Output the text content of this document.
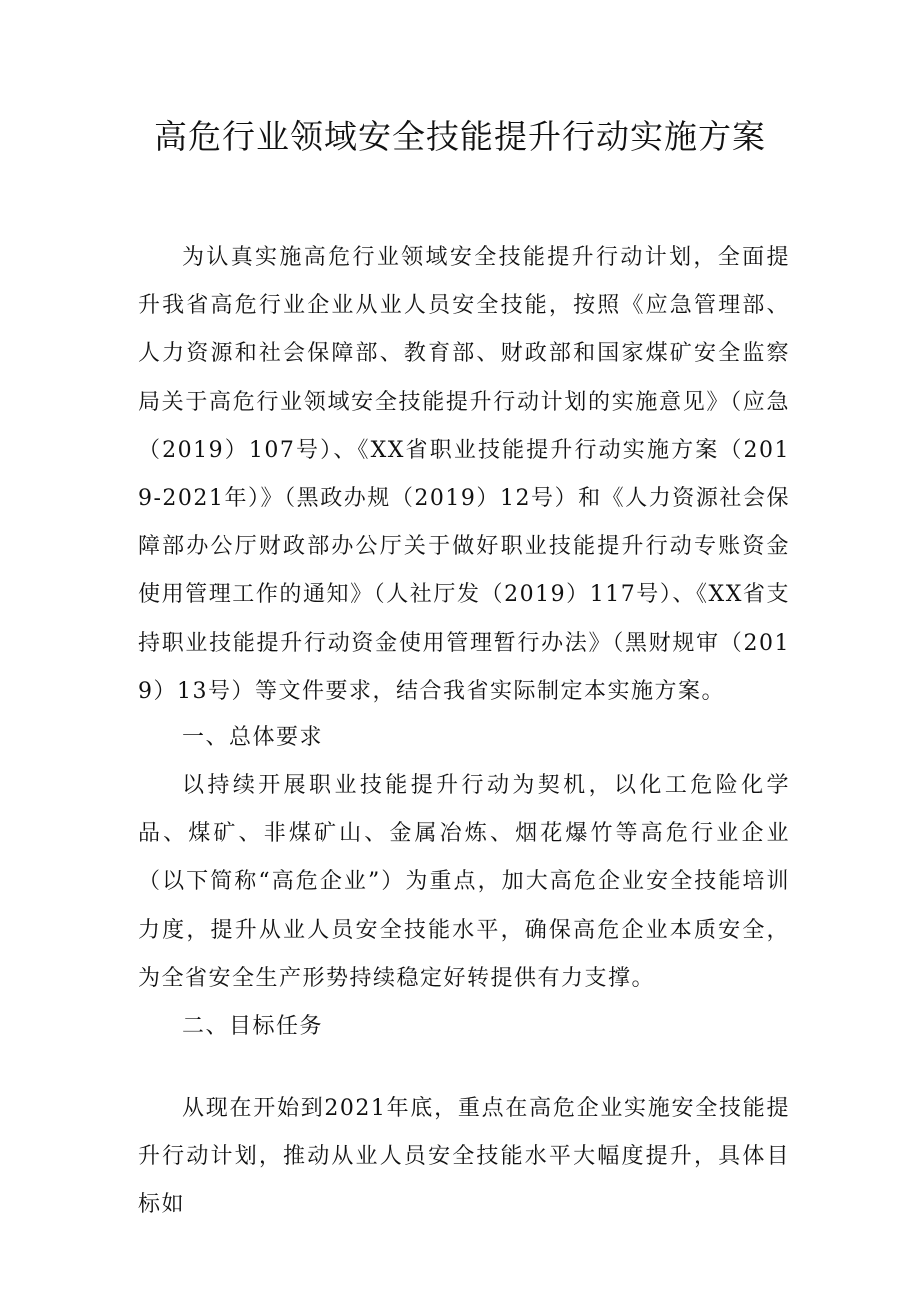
高危行业领域安全技能提升行动实施方案

为认真实施高危行业领域安全技能提升行动计划，全面提升我省高危行业企业从业人员安全技能，按照《应急管理部、人力资源和社会保障部、教育部、财政部和国家煤矿安全监察局关于高危行业领域安全技能提升行动计划的实施意见》（应急（2019）107号）、《XX省职业技能提升行动实施方案（2019-2021年）》（黑政办规（2019）12号）和《人力资源社会保障部办公厅财政部办公厅关于做好职业技能提升行动专账资金使用管理工作的通知》（人社厅发（2019）117号）、《XX省支持职业技能提升行动资金使用管理暂行办法》（黑财规审（2019）13号）等文件要求，结合我省实际制定本实施方案。

一、总体要求

以持续开展职业技能提升行动为契机，以化工危险化学品、煤矿、非煤矿山、金属冶炼、烟花爆竹等高危行业企业（以下简称“高危企业”）为重点，加大高危企业安全技能培训力度，提升从业人员安全技能水平，确保高危企业本质安全，为全省安全生产形势持续稳定好转提供有力支撑。

二、目标任务

从现在开始到2021年底，重点在高危企业实施安全技能提升行动计划，推动从业人员安全技能水平大幅度提升，具体目标如
